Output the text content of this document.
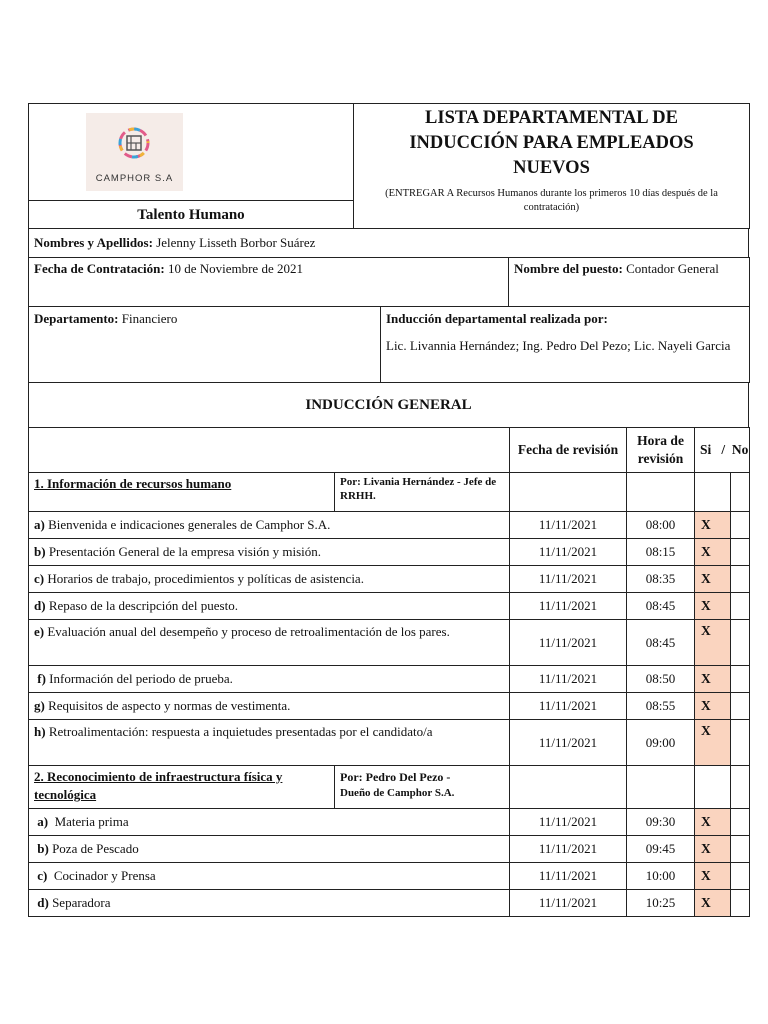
CAMPHOR S.A

LISTA DEPARTAMENTAL DE
INDUCCIÓN PARA EMPLEADOS
NUEVOS
(ENTREGAR A Recursos Humanos durante los primeros 10 días después de la contratación)

Talento Humano
Nombres y Apellidos: Jelenny Lisseth Borbor Suárez
Fecha de Contratación: 10 de Noviembre de 2021	Nombre del puesto: Contador General
Departamento: Financiero	Inducción departamental realizada por:
Lic. Livannia Hernández; Ing. Pedro Del Pezo; Lic. Nayeli Garcia
INDUCCIÓN GENERAL
		Fecha de revisión	Hora de revisión	Si   /  No	
1. Información de recursos humano	Por: Livania Hernández - Jefe de RRHH.				
a) Bienvenida e indicaciones generales de Camphor S.A.		11/11/2021	08:00	X	
b) Presentación General de la empresa visión y misión.		11/11/2021	08:15	X	
c) Horarios de trabajo, procedimientos y políticas de asistencia.		11/11/2021	08:35	X	
d) Repaso de la descripción del puesto.		11/11/2021	08:45	X	
e) Evaluación anual del desempeño y proceso de retroalimentación de los pares.		11/11/2021	08:45	X	
f) Información del periodo de prueba.		11/11/2021	08:50	X	
g) Requisitos de aspecto y normas de vestimenta.		11/11/2021	08:55	X	
h) Retroalimentación: respuesta a inquietudes presentadas por el candidato/a		11/11/2021	09:00	X	
2. Reconocimiento de infraestructura física y tecnológica	Por: Pedro Del Pezo -
Dueño de Camphor S.A.				

a) Materia prima		11/11/2021	09:30	X	
b) Poza de Pescado		11/11/2021	09:45	X	
c) Cocinador y Prensa		11/11/2021	10:00	X	
d) Separadora		11/11/2021	10:25	X	
